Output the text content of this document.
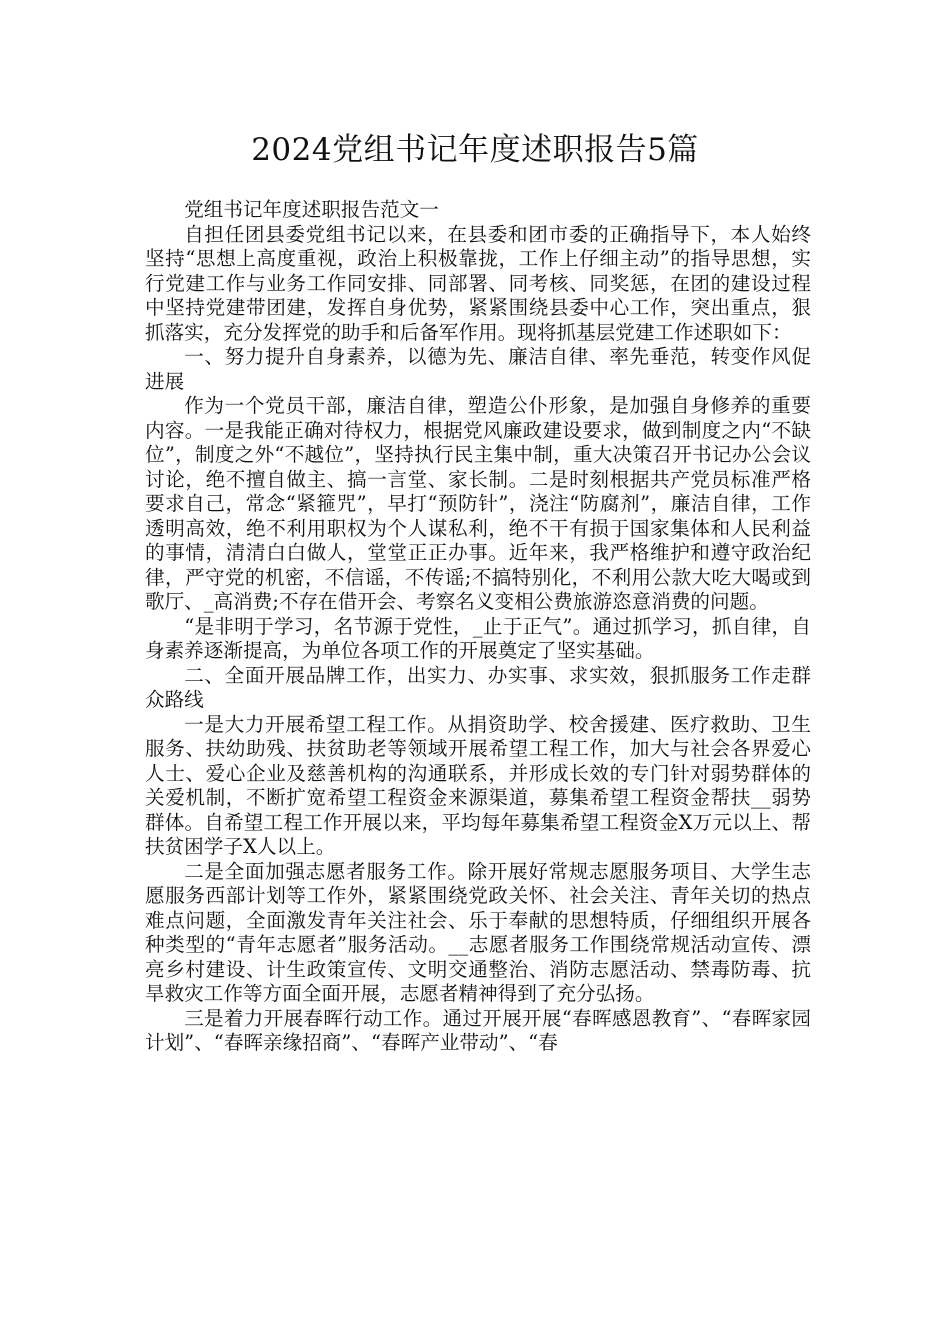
2024党组书记年度述职报告5篇

党组书记年度述职报告范文一

自担任团县委党组书记以来，在县委和团市委的正确指导下，本人始终坚持“思想上高度重视，政治上积极靠拢，工作上仔细主动”的指导思想，实行党建工作与业务工作同安排、同部署、同考核、同奖惩，在团的建设过程中坚持党建带团建，发挥自身优势，紧紧围绕县委中心工作，突出重点，狠抓落实，充分发挥党的助手和后备军作用。现将抓基层党建工作述职如下：

一、努力提升自身素养，以德为先、廉洁自律、率先垂范，转变作风促进展

作为一个党员干部，廉洁自律，塑造公仆形象，是加强自身修养的重要内容。一是我能正确对待权力，根据党风廉政建设要求，做到制度之内“不缺位”，制度之外“不越位”，坚持执行民主集中制，重大决策召开书记办公会议讨论，绝不擅自做主、搞一言堂、家长制。二是时刻根据共产党员标准严格要求自己，常念“紧箍咒”，早打“预防针”，浇注“防腐剂”，廉洁自律，工作透明高效，绝不利用职权为个人谋私利，绝不干有损于国家集体和人民利益的事情，清清白白做人，堂堂正正办事。近年来，我严格维护和遵守政治纪律，严守党的机密，不信谣，不传谣;不搞特别化，不利用公款大吃大喝或到歌厅、_高消费;不存在借开会、考察名义变相公费旅游恣意消费的问题。

“是非明于学习，名节源于党性，_止于正气”。通过抓学习，抓自律，自身素养逐渐提高，为单位各项工作的开展奠定了坚实基础。

二、全面开展品牌工作，出实力、办实事、求实效，狠抓服务工作走群众路线

一是大力开展希望工程工作。从捐资助学、校舍援建、医疗救助、卫生服务、扶幼助残、扶贫助老等领域开展希望工程工作，加大与社会各界爱心人士、爱心企业及慈善机构的沟通联系，并形成长效的专门针对弱势群体的关爱机制，不断扩宽希望工程资金来源渠道，募集希望工程资金帮扶__弱势群体。自希望工程工作开展以来，平均每年募集希望工程资金X万元以上、帮扶贫困学子X人以上。

二是全面加强志愿者服务工作。除开展好常规志愿服务项目、大学生志愿服务西部计划等工作外，紧紧围绕党政关怀、社会关注、青年关切的热点难点问题，全面激发青年关注社会、乐于奉献的思想特质，仔细组织开展各种类型的“青年志愿者”服务活动。__志愿者服务工作围绕常规活动宣传、漂亮乡村建设、计生政策宣传、文明交通整治、消防志愿活动、禁毒防毒、抗旱救灾工作等方面全面开展，志愿者精神得到了充分弘扬。

三是着力开展春晖行动工作。通过开展开展“春晖感恩教育”、“春晖家园计划”、“春晖亲缘招商”、“春晖产业带动”、“春
